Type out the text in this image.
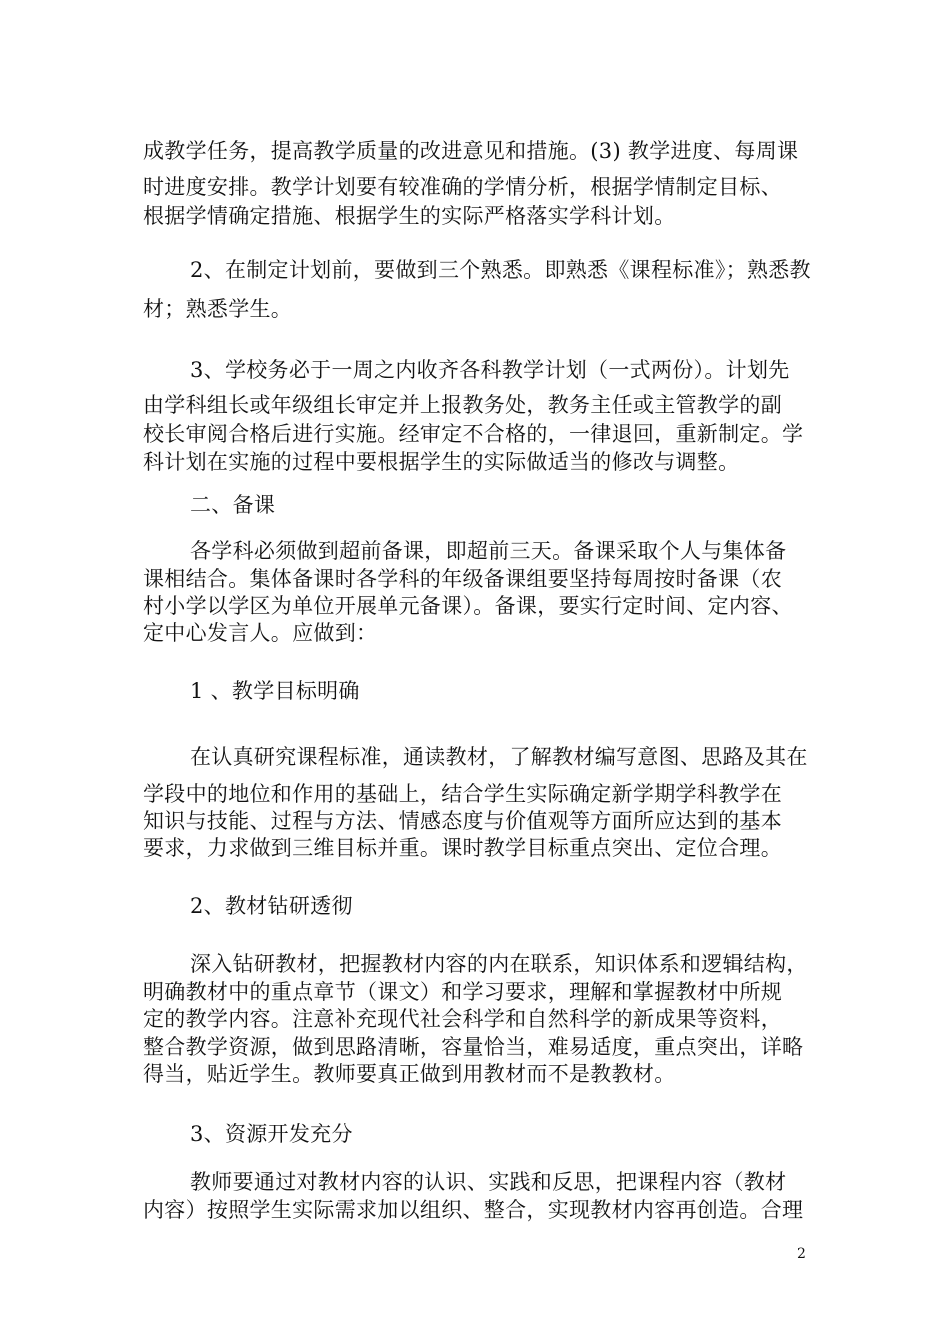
成教学任务，提高教学质量的改进意见和措施。(3) 教学进度、每周课
时进度安排。教学计划要有较准确的学情分析，根据学情制定目标、
根据学情确定措施、根据学生的实际严格落实学科计划。
2、在制定计划前，要做到三个熟悉。即熟悉《课程标准》；熟悉教
材；熟悉学生。
3、学校务必于一周之内收齐各科教学计划（一式两份）。计划先
由学科组长或年级组长审定并上报教务处，教务主任或主管教学的副
校长审阅合格后进行实施。经审定不合格的，一律退回，重新制定。学
科计划在实施的过程中要根据学生的实际做适当的修改与调整。
二、备课
各学科必须做到超前备课，即超前三天。备课采取个人与集体备
课相结合。集体备课时各学科的年级备课组要坚持每周按时备课（农
村小学以学区为单位开展单元备课）。备课，要实行定时间、定内容、
定中心发言人。应做到：
1 、教学目标明确
在认真研究课程标准，通读教材，了解教材编写意图、思路及其在
学段中的地位和作用的基础上，结合学生实际确定新学期学科教学在
知识与技能、过程与方法、情感态度与价值观等方面所应达到的基本
要求，力求做到三维目标并重。课时教学目标重点突出、定位合理。
2、教材钻研透彻
深入钻研教材，把握教材内容的内在联系，知识体系和逻辑结构，
明确教材中的重点章节（课文）和学习要求，理解和掌握教材中所规
定的教学内容。注意补充现代社会科学和自然科学的新成果等资料，
整合教学资源，做到思路清晰，容量恰当，难易适度，重点突出，详略
得当，贴近学生。教师要真正做到用教材而不是教教材。
3、资源开发充分
教师要通过对教材内容的认识、实践和反思，把课程内容（教材
内容）按照学生实际需求加以组织、整合，实现教材内容再创造。合理
2
